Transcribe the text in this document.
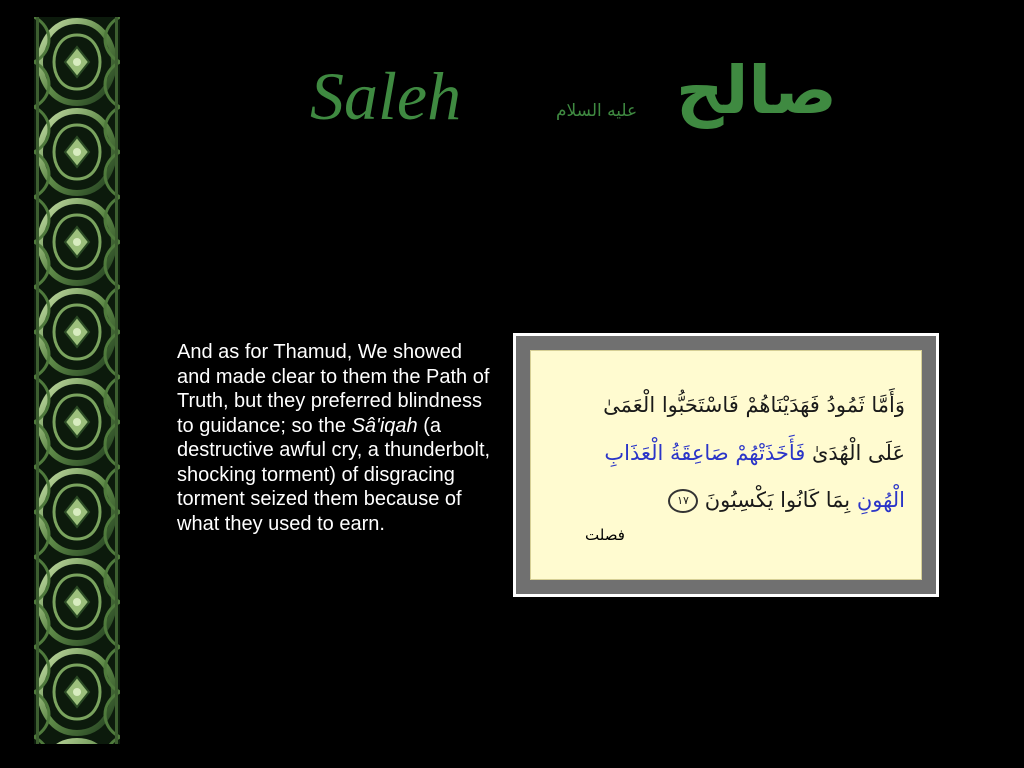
Saleh	عليه السلام صالح
And as for Thamud, We showed and made clear to them the Path of Truth, but they preferred blindness to guidance; so the Sâ'iqah (a destructive awful cry, a thunderbolt, shocking torment) of disgracing torment seized them because of what they used to earn.
وَأَمَّا ثَمُودُ فَهَدَيْنَاهُمْ فَاسْتَحَبُّوا الْعَمَىٰ
عَلَى الْهُدَىٰ فَأَخَذَتْهُمْ صَاعِقَةُ الْعَذَابِ
الْهُونِ بِمَا كَانُوا يَكْسِبُونَ ١٧
فصلت
